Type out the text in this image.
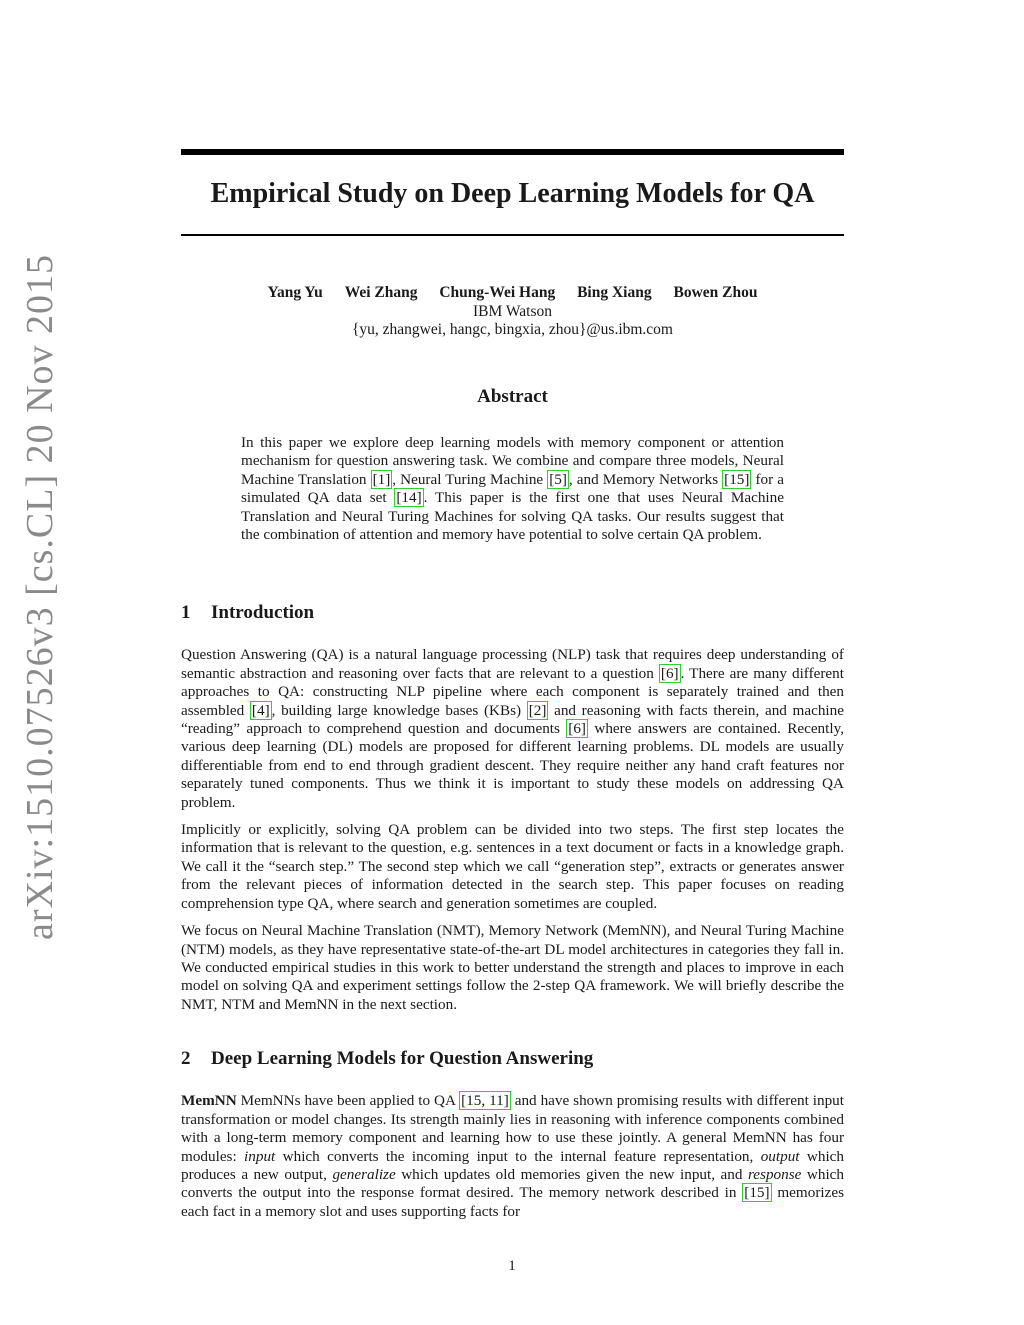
arXiv:1510.07526v3 [cs.CL] 20 Nov 2015
Empirical Study on Deep Learning Models for QA
Yang Yu Wei Zhang Chung-Wei Hang Bing Xiang Bowen Zhou
IBM Watson
{yu, zhangwei, hangc, bingxia, zhou}@us.ibm.com
Abstract

In this paper we explore deep learning models with memory component or attention mechanism for question answering task. We combine and compare three models, Neural Machine Translation [1] , Neural Turing Machine [5] , and Memory Networks [15] for a simulated QA data set [14] . This paper is the first one that uses Neural Machine Translation and Neural Turing Machines for solving QA tasks. Our results suggest that the combination of attention and memory have potential to solve certain QA problem.

1 Introduction

Question Answering (QA) is a natural language processing (NLP) task that requires deep understanding of semantic abstraction and reasoning over facts that are relevant to a question [6] . There are many different approaches to QA: constructing NLP pipeline where each component is separately trained and then assembled [4] , building large knowledge bases (KBs) [2] and reasoning with facts therein, and machine “reading” approach to comprehend question and documents [6] where answers are contained. Recently, various deep learning (DL) models are proposed for different learning problems. DL models are usually differentiable from end to end through gradient descent. They require neither any hand craft features nor separately tuned components. Thus we think it is important to study these models on addressing QA problem.

Implicitly or explicitly, solving QA problem can be divided into two steps. The first step locates the information that is relevant to the question, e.g. sentences in a text document or facts in a knowledge graph. We call it the “search step.” The second step which we call “generation step”, extracts or generates answer from the relevant pieces of information detected in the search step. This paper focuses on reading comprehension type QA, where search and generation sometimes are coupled.

We focus on Neural Machine Translation (NMT), Memory Network (MemNN), and Neural Turing Machine (NTM) models, as they have representative state-of-the-art DL model architectures in categories they fall in. We conducted empirical studies in this work to better understand the strength and places to improve in each model on solving QA and experiment settings follow the 2-step QA framework. We will briefly describe the NMT, NTM and MemNN in the next section.

2 Deep Learning Models for Question Answering

MemNN MemNNs have been applied to QA [15, 11] and have shown promising results with different input transformation or model changes. Its strength mainly lies in reasoning with inference components combined with a long-term memory component and learning how to use these jointly. A general MemNN has four modules: input which converts the incoming input to the internal feature representation, output which produces a new output, generalize which updates old memories given the new input, and response which converts the output into the response format desired. The memory network described in [15] memorizes each fact in a memory slot and uses supporting facts for

1
